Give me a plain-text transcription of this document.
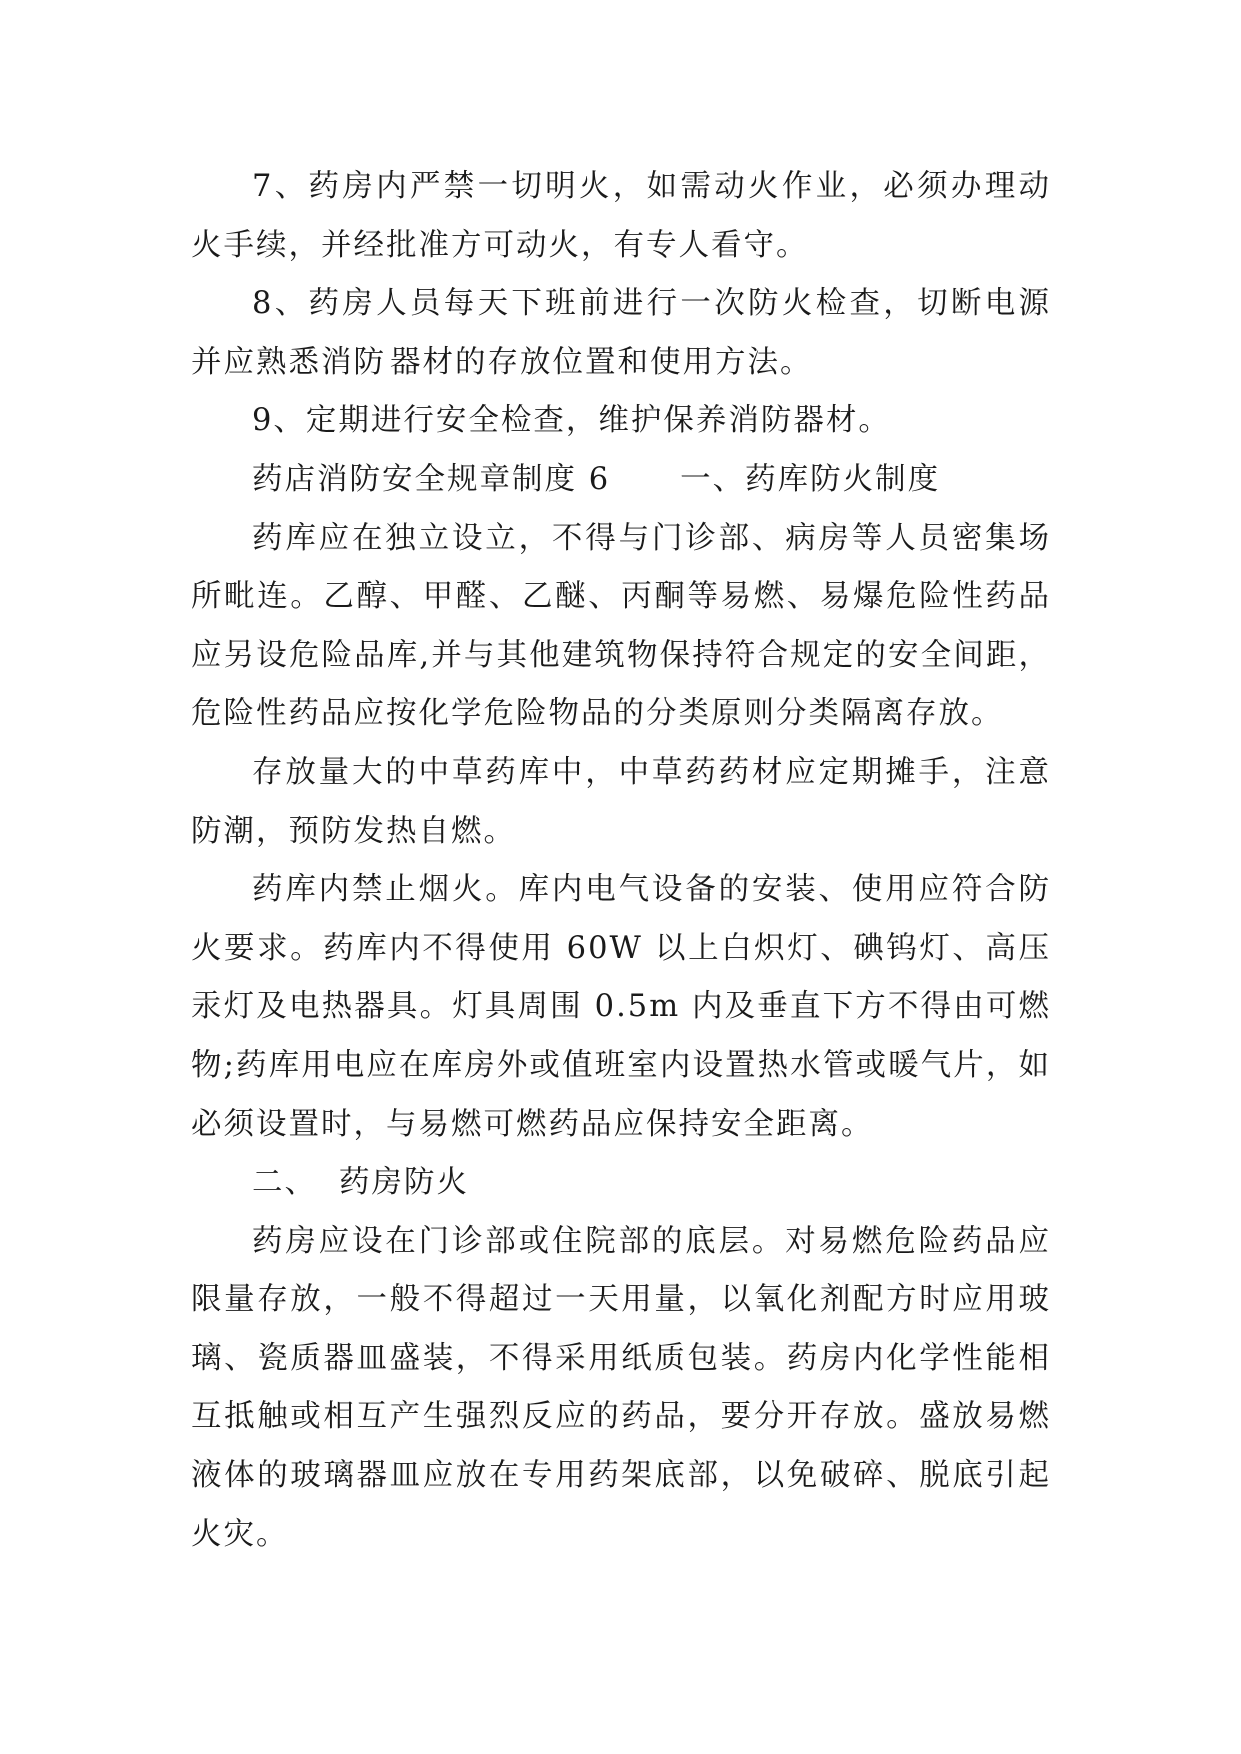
7、药房内严禁一切明火，如需动火作业，必须办理动火手续，并经批准方可动火，有专人看守。

8、药房人员每天下班前进行一次防火检查，切断电源并应熟悉消防 器材的存放位置和使用方法。

9、定期进行安全检查，维护保养消防器材。

药店消防安全规章制度 6 一、药库防火制度

药库应在独立设立，不得与门诊部、病房等人员密集场所毗连。乙醇、甲醛、乙醚、丙酮等易燃、易爆危险性药品应另设危险品库,并与其他建筑物保持符合规定的安全间距，危险性药品应按化学危险物品的分类原则分类隔离存放。

存放量大的中草药库中，中草药药材应定期摊手，注意防潮，预防发热自燃。

药库内禁止烟火。库内电气设备的安装、使用应符合防火要求。药库内不得使用 60W 以上白炽灯、碘钨灯、高压汞灯及电热器具。灯具周围 0.5m 内及垂直下方不得由可燃物;药库用电应在库房外或值班室内设置热水管或暖气片，如必须设置时，与易燃可燃药品应保持安全距离。

二、 药房防火

药房应设在门诊部或住院部的底层。对易燃危险药品应限量存放，一般不得超过一天用量，以氧化剂配方时应用玻璃、瓷质器皿盛装，不得采用纸质包装。药房内化学性能相互抵触或相互产生强烈反应的药品，要分开存放。盛放易燃液体的玻璃器皿应放在专用药架底部，以免破碎、脱底引起火灾。
